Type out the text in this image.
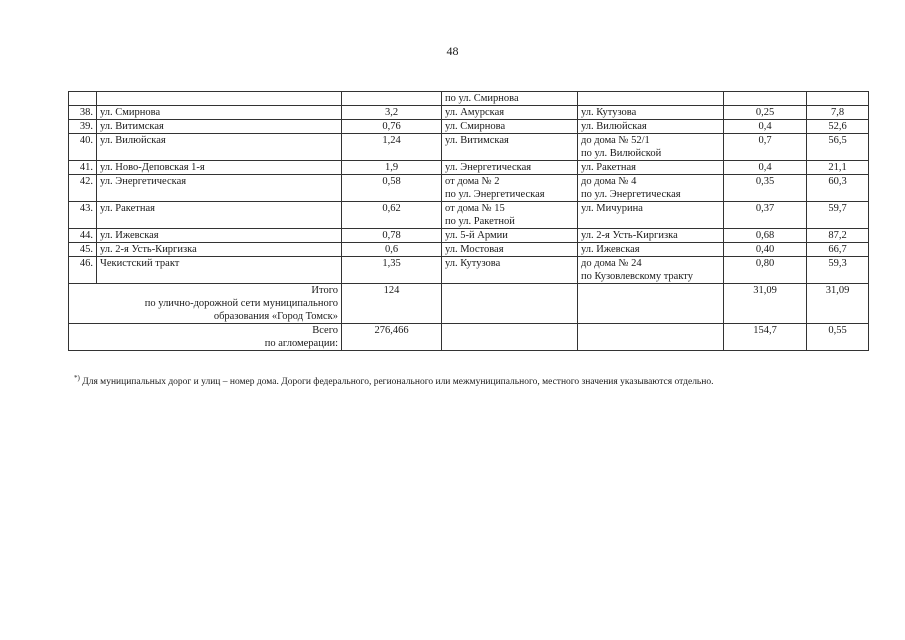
48
			по ул. Смирнова			
38.	ул. Смирнова	3,2	ул. Амурская	ул. Кутузова	0,25	7,8
39.	ул. Витимская	0,76	ул. Смирнова	ул. Вилюйская	0,4	52,6
40.	ул. Вилюйская	1,24	ул. Витимская	до дома № 52/1
по ул. Вилюйской	0,7	56,5
41.	ул. Ново-Деповская 1-я	1,9	ул. Энергетическая	ул. Ракетная	0,4	21,1
42.	ул. Энергетическая	0,58	от дома № 2
по ул. Энергетическая	до дома № 4
по ул. Энергетическая	0,35	60,3
43.	ул. Ракетная	0,62	от дома № 15
по ул. Ракетной	ул. Мичурина	0,37	59,7
44.	ул. Ижевская	0,78	ул. 5-й Армии	ул. 2-я Усть-Киргизка	0,68	87,2
45.	ул. 2-я Усть-Киргизка	0,6	ул. Мостовая	ул. Ижевская	0,40	66,7
46.	Чекистский тракт	1,35	ул. Кутузова	до дома № 24
по Кузовлевскому тракту	0,80	59,3

Итого
по улично-дорожной сети муниципального
образования «Город Томск»		124			31,09	31,09

Всего
по агломерации:		276,466			154,7	0,55
*) Для муниципальных дорог и улиц – номер дома. Дороги федерального, регионального или межмуниципального, местного значения указываются отдельно.
